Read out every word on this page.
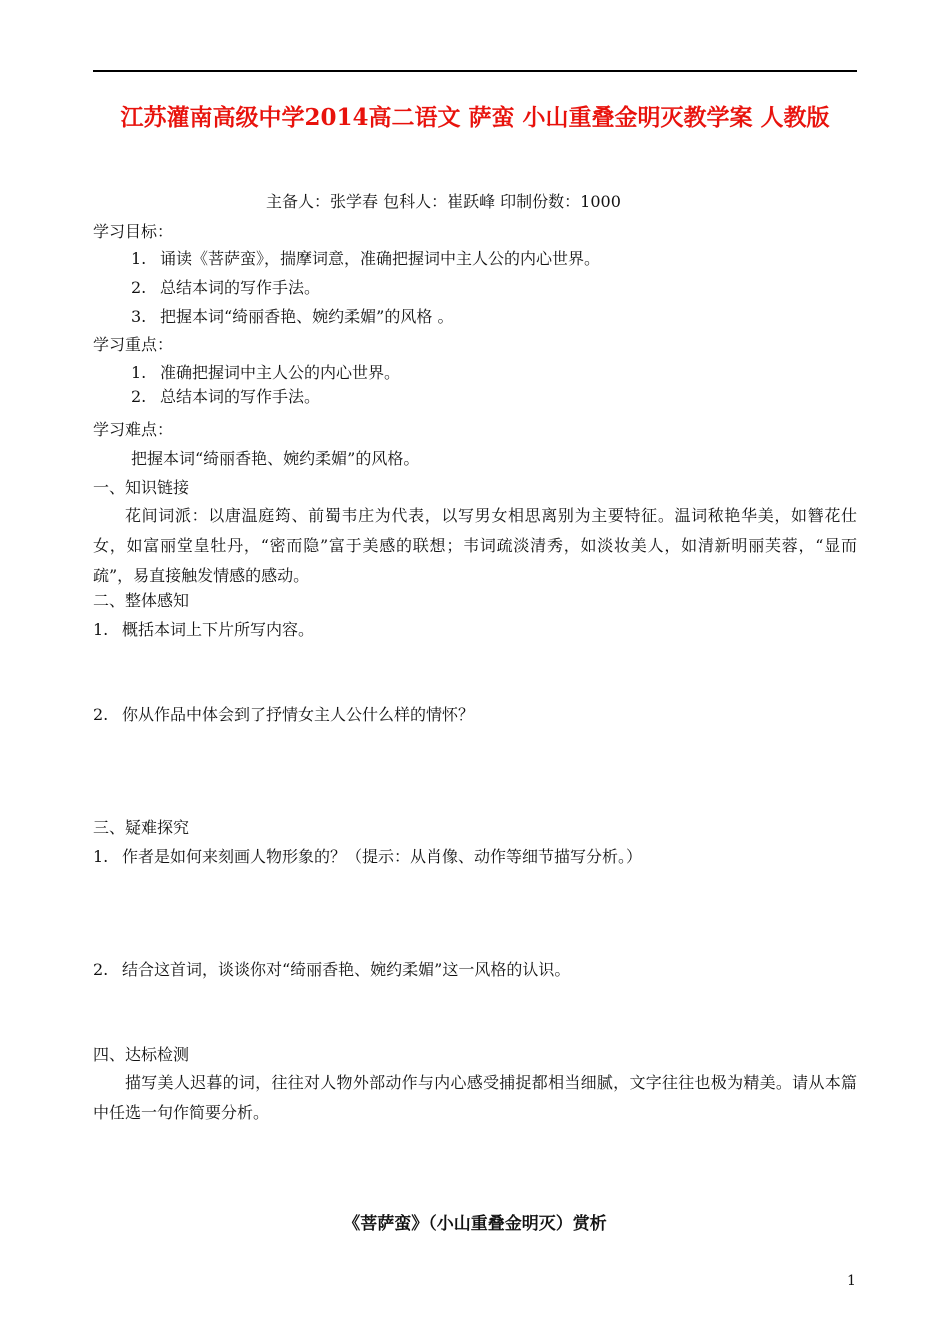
江苏灌南高级中学2014高二语文 萨蛮 小山重叠金明灭教学案 人教版
主备人：张学春 包科人：崔跃峰 印制份数：1000
学习目标：
1. 诵读《菩萨蛮》，揣摩词意，准确把握词中主人公的内心世界。
2. 总结本词的写作手法。
3. 把握本词“绮丽香艳、婉约柔媚”的风格 。
学习重点：
1. 准确把握词中主人公的内心世界。
2. 总结本词的写作手法。
学习难点：
把握本词“绮丽香艳、婉约柔媚”的风格。
一、知识链接
花间词派：以唐温庭筠、前蜀韦庄为代表，以写男女相思离别为主要特征。温词秾艳华美，如簪花仕女，如富丽堂皇牡丹，“密而隐”富于美感的联想；韦词疏淡清秀，如淡妆美人，如清新明丽芙蓉，“显而疏”，易直接触发情感的感动。
二、整体感知
1. 概括本词上下片所写内容。
2. 你从作品中体会到了抒情女主人公什么样的情怀？
三、疑难探究
1. 作者是如何来刻画人物形象的？（提示：从肖像、动作等细节描写分析。）
2. 结合这首词，谈谈你对“绮丽香艳、婉约柔媚”这一风格的认识。
四、达标检测
描写美人迟暮的词，往往对人物外部动作与内心感受捕捉都相当细腻，文字往往也极为精美。请从本篇中任选一句作简要分析。
《菩萨蛮》（小山重叠金明灭）赏析
1
